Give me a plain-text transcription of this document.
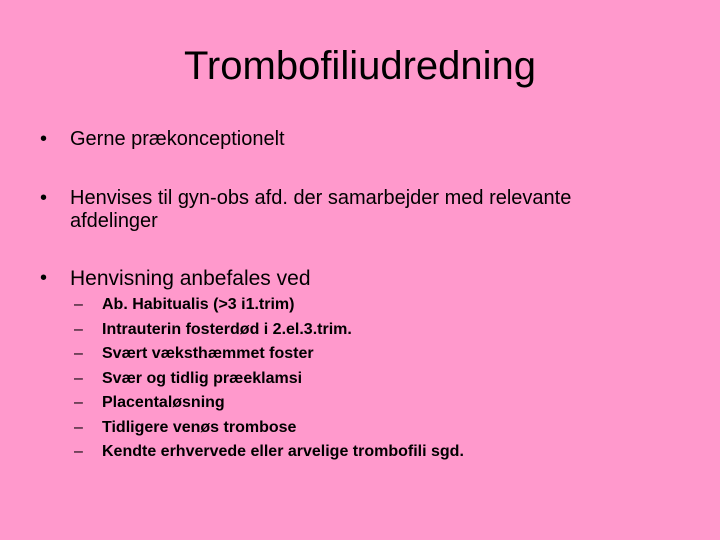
Trombofiliudredning
•	Gerne prækonceptionelt
•	Henvises til gyn-obs afd. der samarbejder med relevante afdelinger
•	Henvisning anbefales ved
–	Ab. Habitualis (>3 i1.trim)
–	Intrauterin fosterdød i 2.el.3.trim.
–	Svært væksthæmmet foster
–	Svær og tidlig præeklamsi
–	Placentaløsning
–	Tidligere venøs trombose
–	Kendte erhvervede eller arvelige trombofili sgd.
